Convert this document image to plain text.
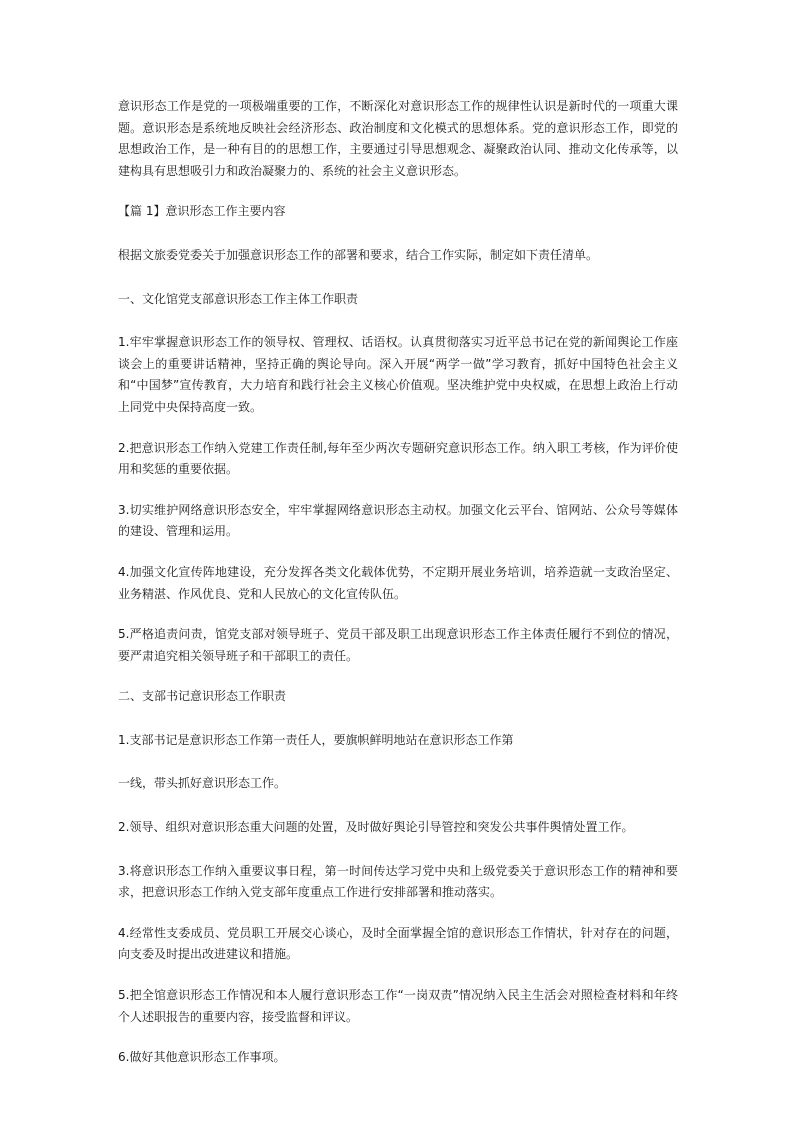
意识形态工作是党的一项极端重要的工作，不断深化对意识形态工作的规律性认识是新时代的一项重大课题。意识形态是系统地反映社会经济形态、政治制度和文化模式的思想体系。党的意识形态工作，即党的思想政治工作，是一种有目的的思想工作，主要通过引导思想观念、凝聚政治认同、推动文化传承等，以建构具有思想吸引力和政治凝聚力的、系统的社会主义意识形态。

【篇 1】意识形态工作主要内容

根据文旅委党委关于加强意识形态工作的部署和要求，结合工作实际，制定如下责任清单。

一、文化馆党支部意识形态工作主体工作职责

1.牢牢掌握意识形态工作的领导权、管理权、话语权。认真贯彻落实习近平总书记在党的新闻舆论工作座谈会上的重要讲话精神，坚持正确的舆论导向。深入开展“两学一做”学习教育，抓好中国特色社会主义和“中国梦”宣传教育，大力培育和践行社会主义核心价值观。坚决维护党中央权威，在思想上政治上行动上同党中央保持高度一致。

2.把意识形态工作纳入党建工作责任制,每年至少两次专题研究意识形态工作。纳入职工考核，作为评价使用和奖惩的重要依据。

3.切实维护网络意识形态安全，牢牢掌握网络意识形态主动权。加强文化云平台、馆网站、公众号等媒体的建设、管理和运用。

4.加强文化宣传阵地建设，充分发挥各类文化载体优势，不定期开展业务培训，培养造就一支政治坚定、业务精湛、作风优良、党和人民放心的文化宣传队伍。

5.严格追责问责，馆党支部对领导班子、党员干部及职工出现意识形态工作主体责任履行不到位的情况，要严肃追究相关领导班子和干部职工的责任。

二、支部书记意识形态工作职责

1.支部书记是意识形态工作第一责任人，要旗帜鲜明地站在意识形态工作第

一线，带头抓好意识形态工作。

2.领导、组织对意识形态重大问题的处置，及时做好舆论引导管控和突发公共事件舆情处置工作。

3.将意识形态工作纳入重要议事日程，第一时间传达学习党中央和上级党委关于意识形态工作的精神和要求，把意识形态工作纳入党支部年度重点工作进行安排部署和推动落实。

4.经常性支委成员、党员职工开展交心谈心，及时全面掌握全馆的意识形态工作情状，针对存在的问题，向支委及时提出改进建议和措施。

5.把全馆意识形态工作情况和本人履行意识形态工作“一岗双责”情况纳入民主生活会对照检查材料和年终个人述职报告的重要内容，接受监督和评议。

6.做好其他意识形态工作事项。
